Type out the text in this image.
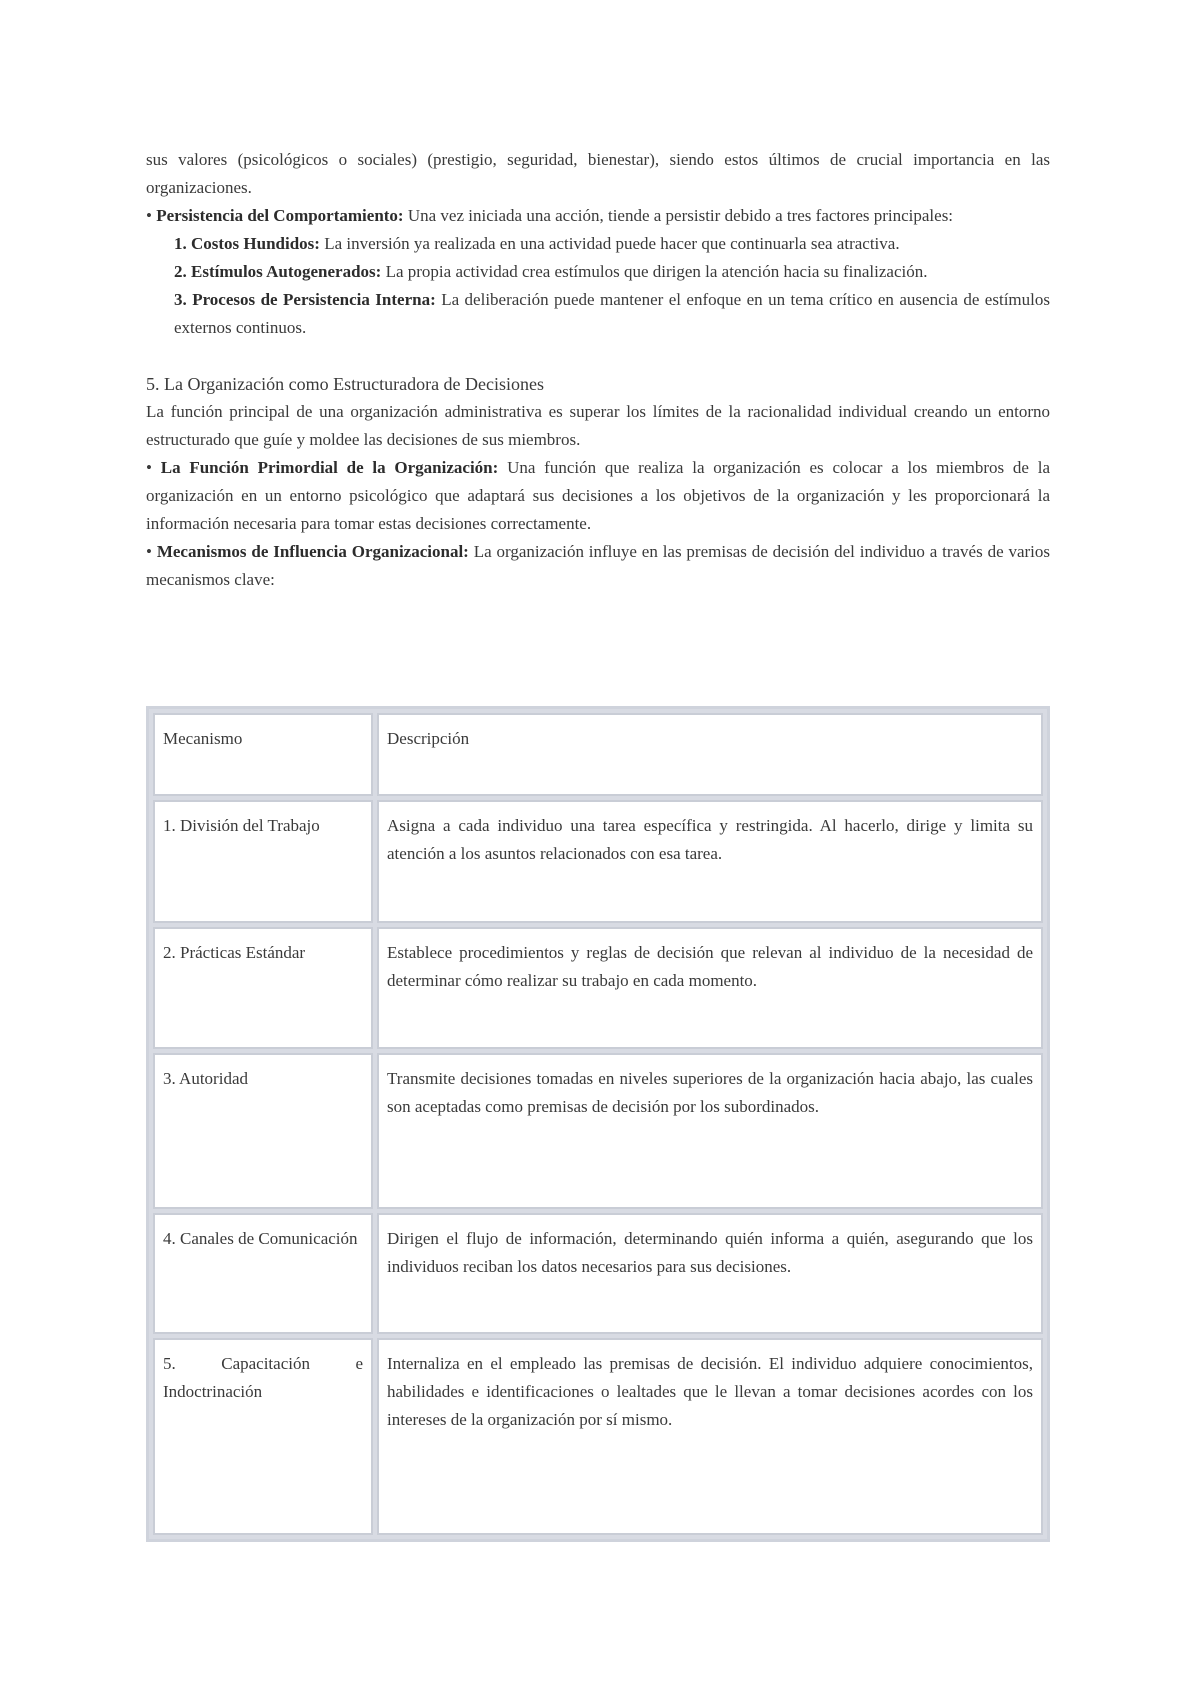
sus valores (psicológicos o sociales) (prestigio, seguridad, bienestar), siendo estos últimos de crucial importancia en las organizaciones.

• Persistencia del Comportamiento: Una vez iniciada una acción, tiende a persistir debido a tres factores principales:

1. Costos Hundidos: La inversión ya realizada en una actividad puede hacer que continuarla sea atractiva.

2. Estímulos Autogenerados: La propia actividad crea estímulos que dirigen la atención hacia su finalización.

3. Procesos de Persistencia Interna: La deliberación puede mantener el enfoque en un tema crítico en ausencia de estímulos externos continuos.

5. La Organización como Estructuradora de Decisiones

La función principal de una organización administrativa es superar los límites de la racionalidad individual creando un entorno estructurado que guíe y moldee las decisiones de sus miembros.

• La Función Primordial de la Organización: Una función que realiza la organización es colocar a los miembros de la organización en un entorno psicológico que adaptará sus decisiones a los objetivos de la organización y les proporcionará la información necesaria para tomar estas decisiones correctamente.

• Mecanismos de Influencia Organizacional: La organización influye en las premisas de decisión del individuo a través de varios mecanismos clave:

Mecanismo	Descripción
1. División del Trabajo	Asigna a cada individuo una tarea específica y restringida. Al hacerlo, dirige y limita su atención a los asuntos relacionados con esa tarea.
2. Prácticas Estándar	Establece procedimientos y reglas de decisión que relevan al individuo de la necesidad de determinar cómo realizar su trabajo en cada momento.
3. Autoridad	Transmite decisiones tomadas en niveles superiores de la organización hacia abajo, las cuales son aceptadas como premisas de decisión por los subordinados.
4. Canales de Comunicación	Dirigen el flujo de información, determinando quién informa a quién, asegurando que los individuos reciban los datos necesarios para sus decisiones.
5. Capacitación e Indoctrinación	Internaliza en el empleado las premisas de decisión. El individuo adquiere conocimientos, habilidades e identificaciones o lealtades que le llevan a tomar decisiones acordes con los intereses de la organización por sí mismo.
